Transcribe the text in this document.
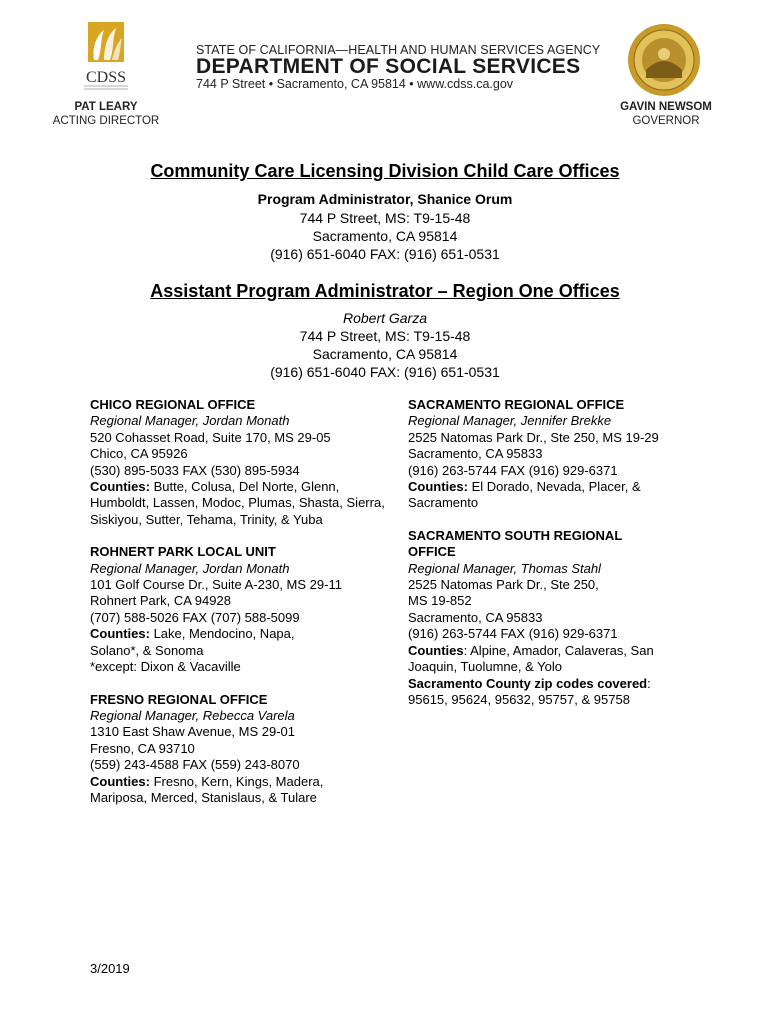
CDSS
PAT LEARY
ACTING DIRECTOR
STATE OF CALIFORNIA—HEALTH AND HUMAN SERVICES AGENCY
DEPARTMENT OF SOCIAL SERVICES
744 P Street • Sacramento, CA 95814 • www.cdss.ca.gov
GAVIN NEWSOM
GOVERNOR
Community Care Licensing Division Child Care Offices
Program Administrator, Shanice Orum
744 P Street, MS: T9-15-48
Sacramento, CA 95814
(916) 651-6040 FAX: (916) 651-0531
Assistant Program Administrator – Region One Offices
Robert Garza
744 P Street, MS: T9-15-48
Sacramento, CA 95814
(916) 651-6040 FAX: (916) 651-0531
CHICO REGIONAL OFFICE
Regional Manager, Jordan Monath
520 Cohasset Road, Suite 170, MS 29-05
Chico, CA 95926
(530) 895-5033 FAX (530) 895-5934
Counties: Butte, Colusa, Del Norte, Glenn, Humboldt, Lassen, Modoc, Plumas, Shasta, Sierra, Siskiyou, Sutter, Tehama, Trinity, & Yuba
ROHNERT PARK LOCAL UNIT
Regional Manager, Jordan Monath
101 Golf Course Dr., Suite A-230, MS 29-11
Rohnert Park, CA 94928
(707) 588-5026 FAX (707) 588-5099
Counties: Lake, Mendocino, Napa, Solano*, & Sonoma
*except: Dixon & Vacaville
FRESNO REGIONAL OFFICE
Regional Manager, Rebecca Varela
1310 East Shaw Avenue, MS 29-01
Fresno, CA 93710
(559) 243-4588 FAX (559) 243-8070
Counties: Fresno, Kern, Kings, Madera, Mariposa, Merced, Stanislaus, & Tulare
SACRAMENTO REGIONAL OFFICE
Regional Manager, Jennifer Brekke
2525 Natomas Park Dr., Ste 250, MS 19-29
Sacramento, CA 95833
(916) 263-5744 FAX (916) 929-6371
Counties: El Dorado, Nevada, Placer, & Sacramento
SACRAMENTO SOUTH REGIONAL OFFICE
Regional Manager, Thomas Stahl
2525 Natomas Park Dr., Ste 250,
MS 19-852
Sacramento, CA 95833
(916) 263-5744 FAX (916) 929-6371
Counties: Alpine, Amador, Calaveras, San Joaquin, Tuolumne, & Yolo
Sacramento County zip codes covered:
95615, 95624, 95632, 95757, & 95758
3/2019
